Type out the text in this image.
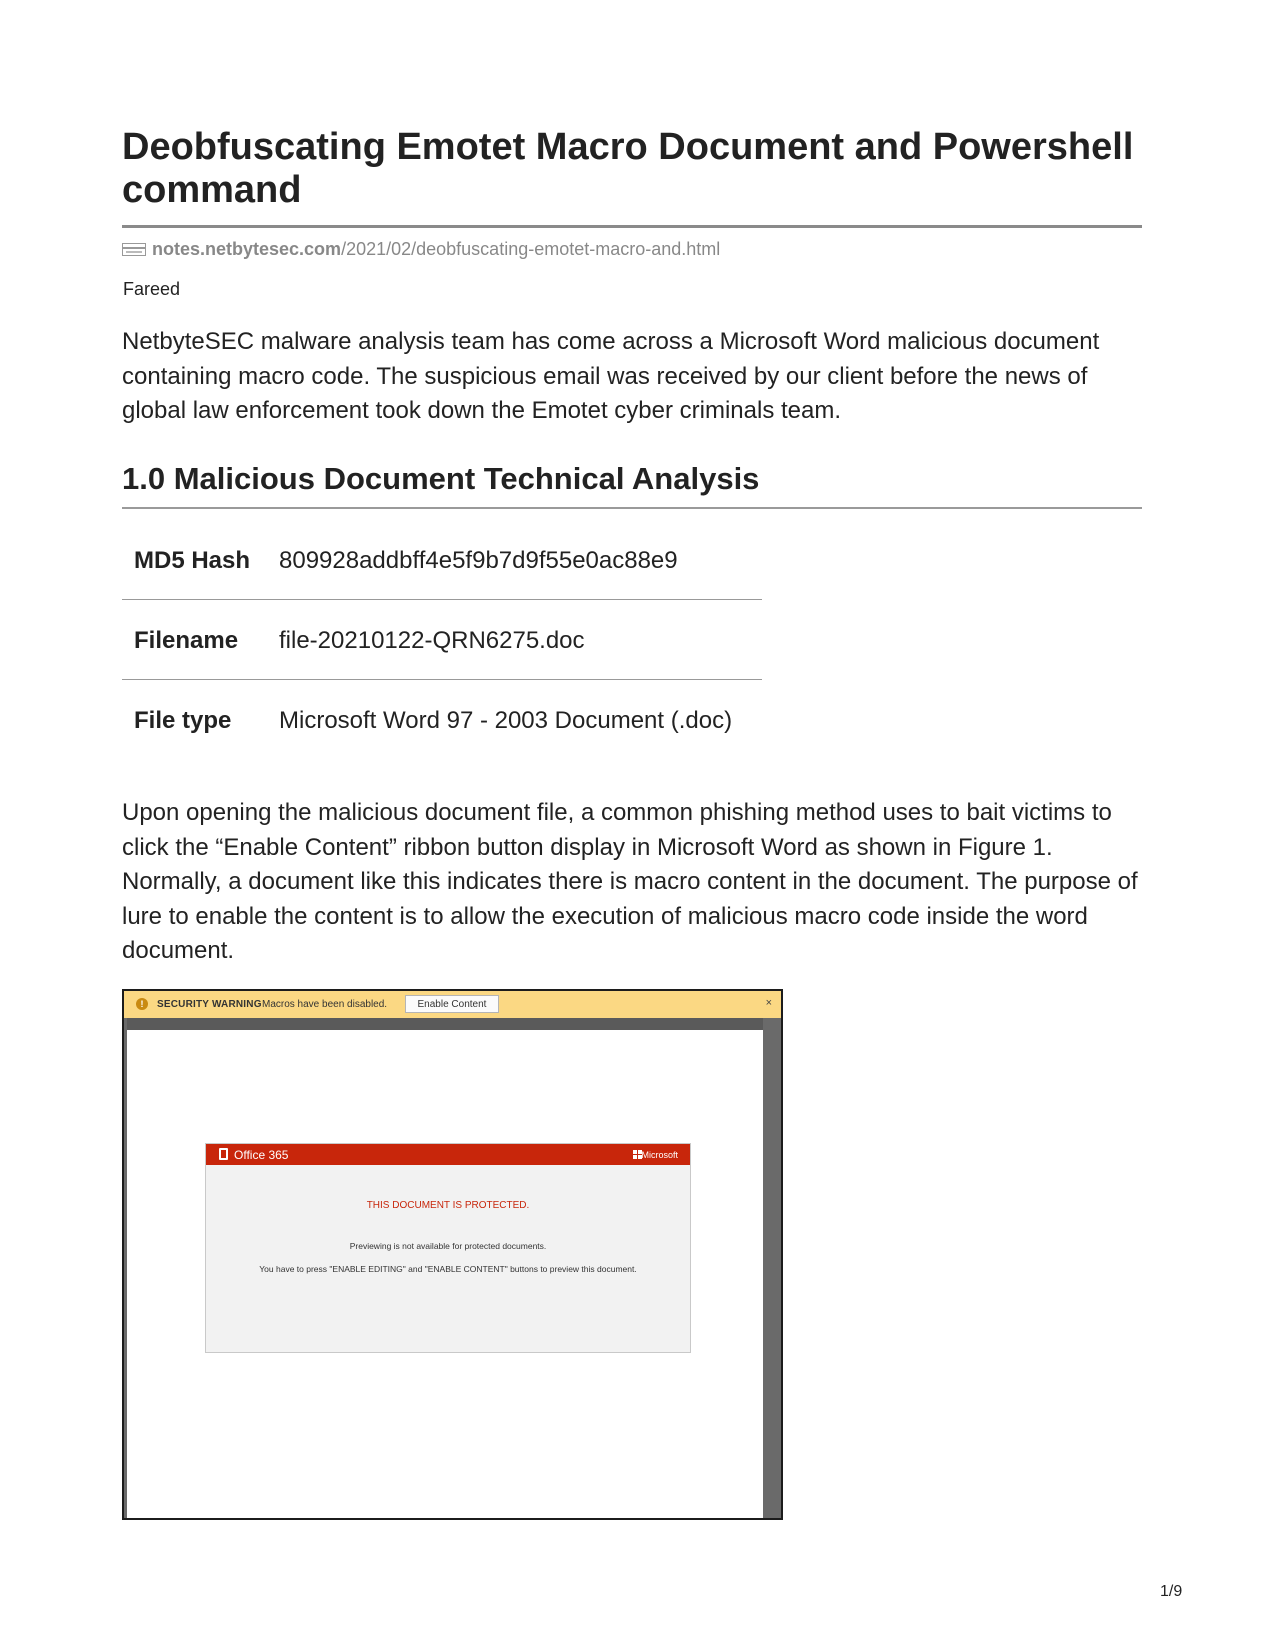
Deobfuscating Emotet Macro Document and Powershell command
notes.netbytesec.com /2021/02/deobfuscating-emotet-macro-and.html
Fareed

NetbyteSEC malware analysis team has come across a Microsoft Word malicious document containing macro code. The suspicious email was received by our client before the news of global law enforcement took down the Emotet cyber criminals team.

1.0 Malicious Document Technical Analysis
MD5 Hash 809928addbff4e5f9b7d9f55e0ac88e9
Filename file-20210122-QRN6275.doc
File type Microsoft Word 97 - 2003 Document (.doc)

Upon opening the malicious document file, a common phishing method uses to bait victims to click the “Enable Content” ribbon button display in Microsoft Word as shown in Figure 1. Normally, a document like this indicates there is macro content in the document. The purpose of lure to enable the content is to allow the execution of malicious macro code inside the word document.

!	SECURITY WARNING Macros have been disabled.	Enable Content	×
Office 365	Microsoft
THIS DOCUMENT IS PROTECTED.
Previewing is not available for protected documents.
You have to press "ENABLE EDITING" and "ENABLE CONTENT" buttons to preview this document.
1/9
